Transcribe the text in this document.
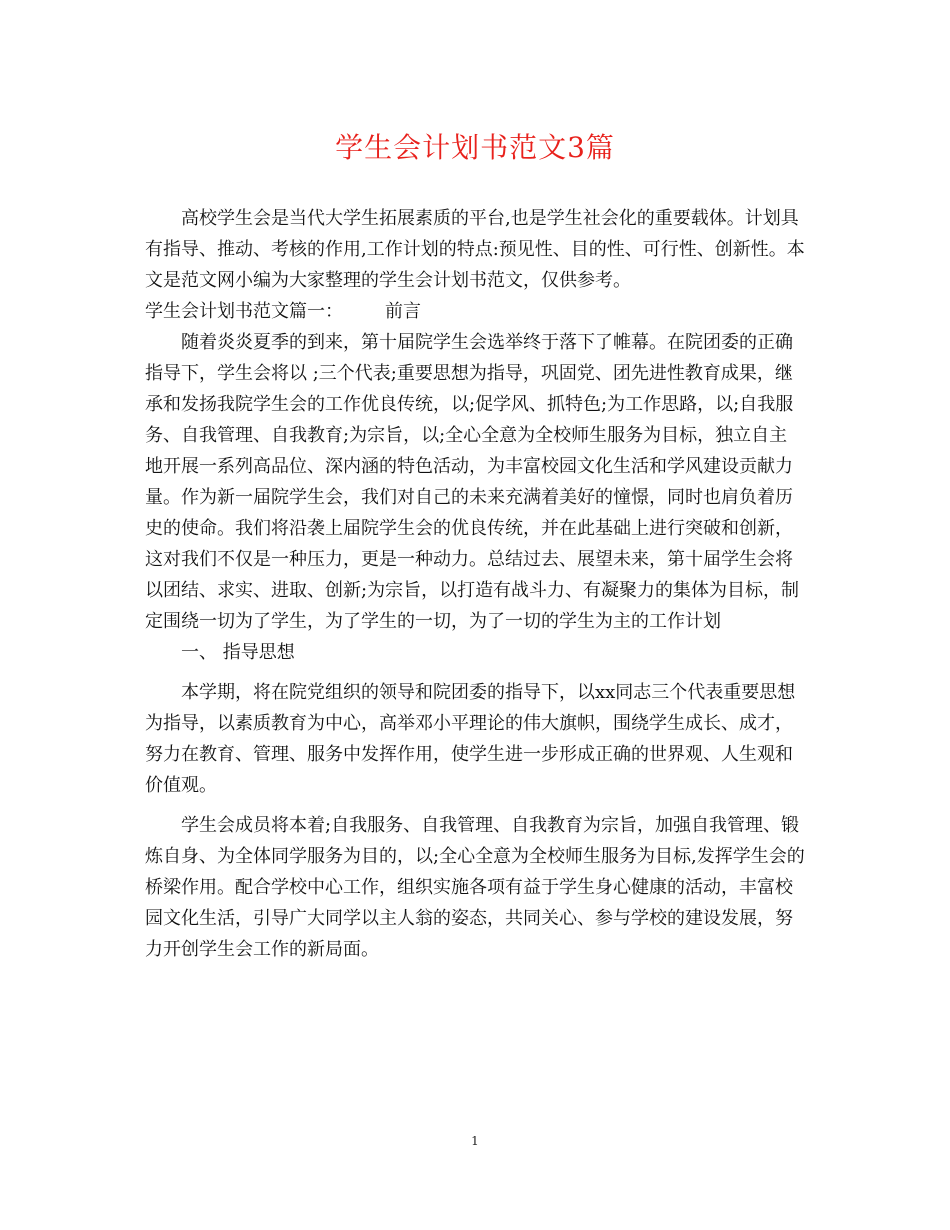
学生会计划书范文3篇

高校学生会是当代大学生拓展素质的平台,也是学生社会化的重要载体。计划具有指导、推动、考核的作用,工作计划的特点:预见性、目的性、可行性、创新性。本文是范文网小编为大家整理的学生会计划书范文，仅供参考。

学生会计划书范文篇一：	前言

随着炎炎夏季的到来，第十届院学生会选举终于落下了帷幕。在院团委的正确指导下，学生会将以 ;三个代表;重要思想为指导，巩固党、团先进性教育成果，继承和发扬我院学生会的工作优良传统，以;促学风、抓特色;为工作思路，以;自我服务、自我管理、自我教育;为宗旨，以;全心全意为全校师生服务为目标，独立自主地开展一系列高品位、深内涵的特色活动，为丰富校园文化生活和学风建设贡献力量。作为新一届院学生会，我们对自己的未来充满着美好的憧憬，同时也肩负着历史的使命。我们将沿袭上届院学生会的优良传统，并在此基础上进行突破和创新，这对我们不仅是一种压力，更是一种动力。总结过去、展望未来，第十届学生会将以团结、求实、进取、创新;为宗旨，以打造有战斗力、有凝聚力的集体为目标，制定围绕一切为了学生，为了学生的一切，为了一切的学生为主的工作计划

一、 指导思想

本学期，将在院党组织的领导和院团委的指导下，以xx同志三个代表重要思想为指导，以素质教育为中心，高举邓小平理论的伟大旗帜，围绕学生成长、成才，努力在教育、管理、服务中发挥作用，使学生进一步形成正确的世界观、人生观和价值观。

学生会成员将本着;自我服务、自我管理、自我教育为宗旨，加强自我管理、锻炼自身、为全体同学服务为目的，以;全心全意为全校师生服务为目标,发挥学生会的桥梁作用。配合学校中心工作，组织实施各项有益于学生身心健康的活动，丰富校园文化生活，引导广大同学以主人翁的姿态，共同关心、参与学校的建设发展，努力开创学生会工作的新局面。

1
